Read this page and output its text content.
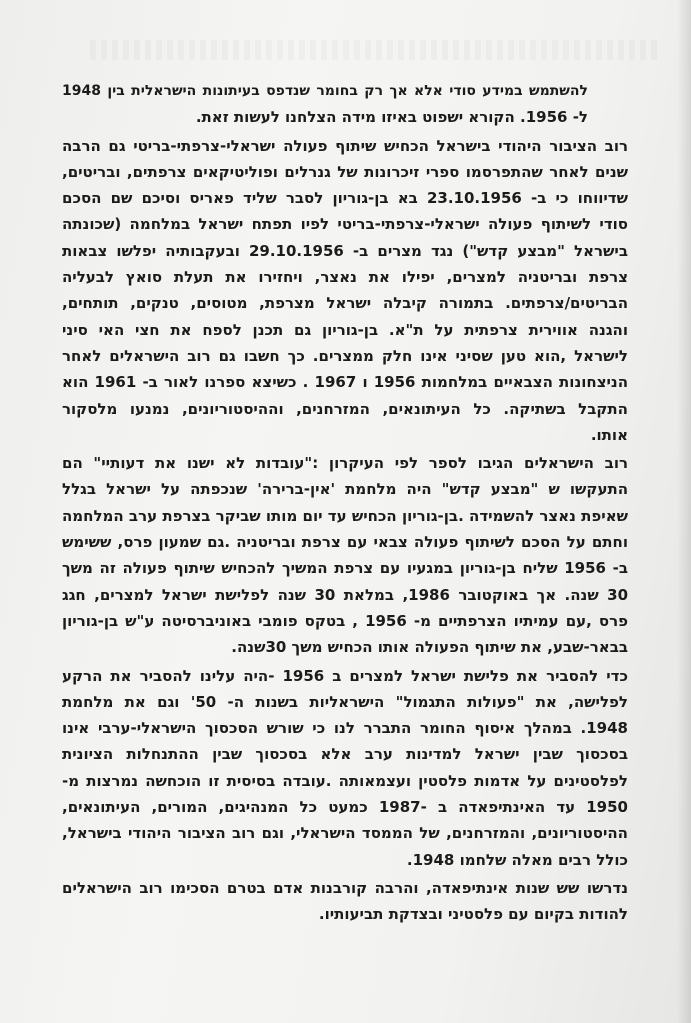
להשתמש במידע סודי אלא אך רק בחומר שנדפס בעיתונות הישראלית בין 1948
ל- 1956. הקורא ישפוט באיזו מידה הצלחנו לעשות זאת.
רוב הציבור היהודי בישראל הכחיש שיתוף פעולה ישראלי-צרפתי-בריטי גם הרבה
שנים לאחר שהתפרסמו ספרי זיכרונות של גנרלים ופוליטיקאים צרפתים, ובריטים,
שדיווחו כי ב- 23.10.1956 בא בן-גוריון לסבר שליד פאריס וסיכם שם הסכם
סודי לשיתוף פעולה ישראלי-צרפתי-בריטי לפיו תפתח ישראל במלחמה (שכונתה
בישראל "מבצע קדש") נגד מצרים ב- 29.10.1956 ובעקבותיה יפלשו צבאות
צרפת ובריטניה למצרים, יפילו את נאצר, ויחזירו את תעלת סואץ לבעליה
הבריטים/צרפתים. בתמורה קיבלה ישראל מצרפת, מטוסים, טנקים, תותחים,
והגנה אווירית צרפתית על ת"א. בן-גוריון גם תכנן לספח את חצי האי סיני
לישראל ,הוא טען שסיני אינו חלק ממצרים. כך חשבו גם רוב הישראלים לאחר
הניצחונות הצבאיים במלחמות 1956 ו 1967 . כשיצא ספרנו לאור ב- 1961 הוא
התקבל בשתיקה. כל העיתונאים, המזרחנים, וההיסטוריונים, נמנעו מלסקור
אותו.
רוב הישראלים הגיבו לספר לפי העיקרון :"עובדות לא ישנו את דעותיי" הם
התעקשו ש "מבצע קדש" היה מלחמת 'אין-ברירה' שנכפתה על ישראל בגלל
שאיפת נאצר להשמידה .בן-גוריון הכחיש עד יום מותו שביקר בצרפת ערב המלחמה
וחתם על הסכם לשיתוף פעולה צבאי עם צרפת ובריטניה .גם שמעון פרס, ששימש
ב- 1956 שליח בן-גוריון במגעיו עם צרפת המשיך להכחיש שיתוף פעולה זה משך
30 שנה. אך באוקטובר 1986, במלאת 30 שנה לפלישת ישראל למצרים, חגג
פרס ,עם עמיתיו הצרפתיים מ- 1956 , בטקס פומבי באוניברסיטה ע"ש בן-גוריון
בבאר-שבע, את שיתוף הפעולה אותו הכחיש משך 30שנה.
כדי להסביר את פלישת ישראל למצרים ב 1956 -היה עלינו להסביר את הרקע
לפלישה, את "פעולות התגמול" הישראליות בשנות ה- 50' וגם את מלחמת
1948. במהלך איסוף החומר התברר לנו כי שורש הסכסוך הישראלי-ערבי אינו
בסכסוך שבין ישראל למדינות ערב אלא בסכסוך שבין ההתנחלות הציונית
לפלסטינים על אדמות פלסטין ועצמאותה .עובדה בסיסית זו הוכחשה נמרצות מ-
1950 עד האינתיפאדה ב -1987 כמעט כל המנהיגים, המורים, העיתונאים,
ההיסטוריונים, והמזרחנים, של הממסד הישראלי, וגם רוב הציבור היהודי בישראל,
כולל רבים מאלה שלחמו 1948.
נדרשו שש שנות אינתיפאדה, והרבה קורבנות אדם בטרם הסכימו רוב הישראלים
להודות בקיום עם פלסטיני ובצדקת תביעותיו.
